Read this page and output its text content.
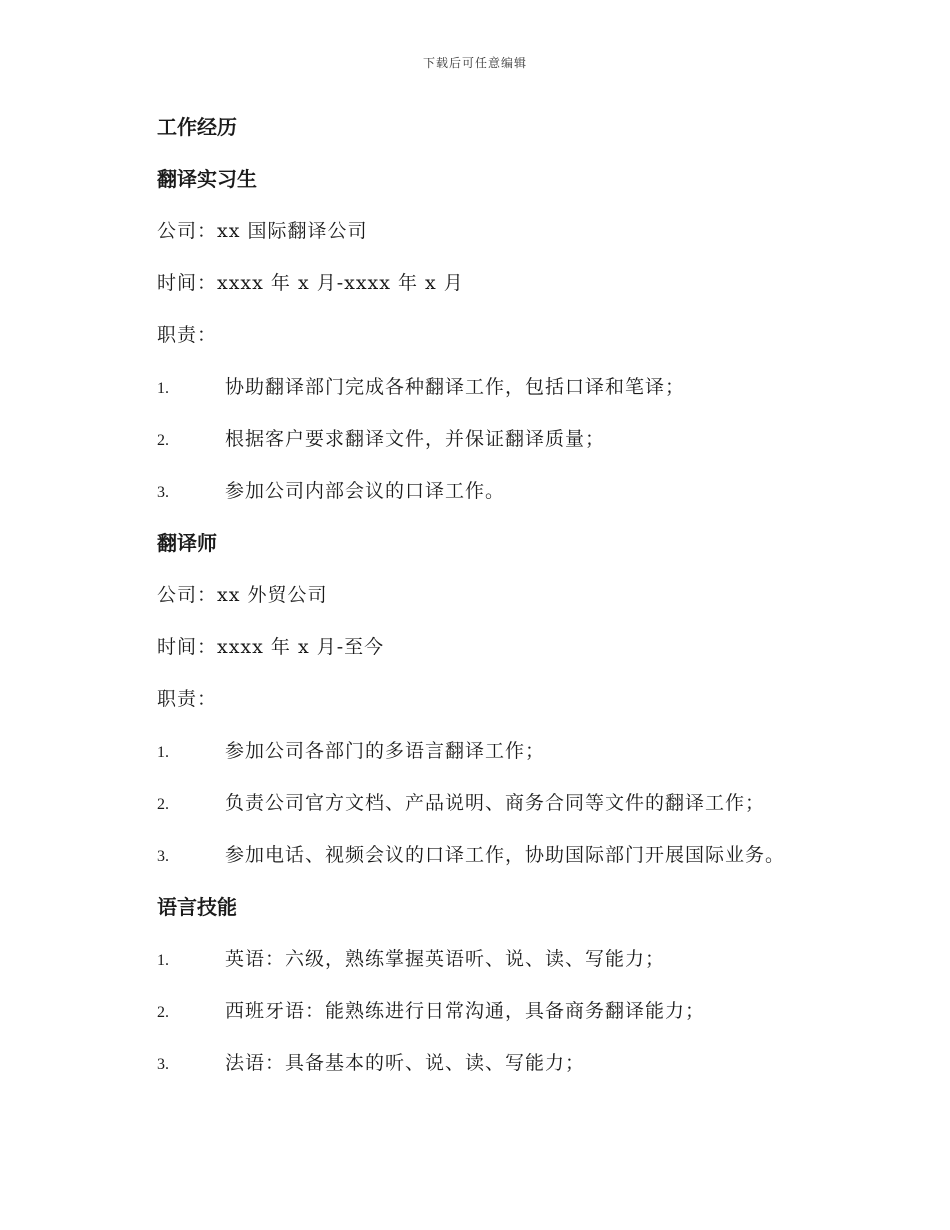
下载后可任意编辑
工作经历
翻译实习生
公司：xx 国际翻译公司
时间：xxxx 年 x 月-xxxx 年 x 月
职责：
1.	协助翻译部门完成各种翻译工作，包括口译和笔译；
2.	根据客户要求翻译文件，并保证翻译质量；
3.	参加公司内部会议的口译工作。
翻译师
公司：xx 外贸公司
时间：xxxx 年 x 月-至今
职责：
1.	参加公司各部门的多语言翻译工作；
2.	负责公司官方文档、产品说明、商务合同等文件的翻译工作；
3.	参加电话、视频会议的口译工作，协助国际部门开展国际业务。
语言技能
1.	英语：六级，熟练掌握英语听、说、读、写能力；
2.	西班牙语：能熟练进行日常沟通，具备商务翻译能力；
3.	法语：具备基本的听、说、读、写能力；
